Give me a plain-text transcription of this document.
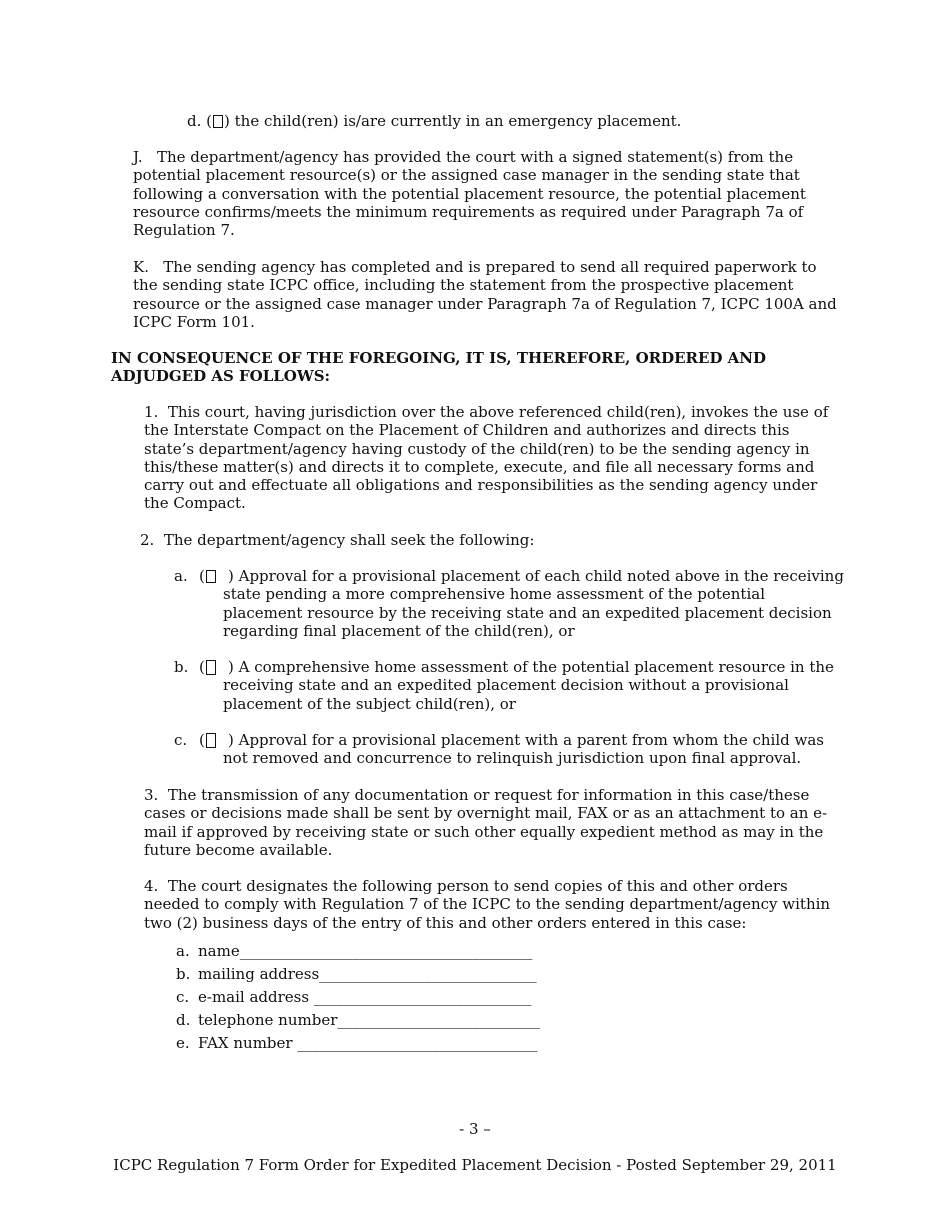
d. ( ) the child(ren) is/are currently in an emergency placement.
J. The department/agency has provided the court with a signed statement(s) from the potential placement resource(s) or the assigned case manager in the sending state that following a conversation with the potential placement resource, the potential placement resource confirms/meets the minimum requirements as required under Paragraph 7a of Regulation 7.
K. The sending agency has completed and is prepared to send all required paperwork to the sending state ICPC office, including the statement from the prospective placement resource or the assigned case manager under Paragraph 7a of Regulation 7, ICPC 100A and ICPC Form 101.
IN CONSEQUENCE OF THE FOREGOING, IT IS, THEREFORE, ORDERED AND ADJUDGED AS FOLLOWS:
1. This court, having jurisdiction over the above referenced child(ren), invokes the use of the Interstate Compact on the Placement of Children and authorizes and directs this state’s department/agency having custody of the child(ren) to be the sending agency in this/these matter(s) and directs it to complete, execute, and file all necessary forms and carry out and effectuate all obligations and responsibilities as the sending agency under the Compact.
2. The department/agency shall seek the following:
a. (	) Approval for a provisional placement of each child noted above in the receiving state pending a more comprehensive home assessment of the potential placement resource by the receiving state and an expedited placement decision regarding final placement of the child(ren), or
b. (	) A comprehensive home assessment of the potential placement resource in the receiving state and an expedited placement decision without a provisional placement of the subject child(ren), or
c. (	) Approval for a provisional placement with a parent from whom the child was not removed and concurrence to relinquish jurisdiction upon final approval.
3. The transmission of any documentation or request for information in this case/these cases or decisions made shall be sent by overnight mail, FAX or as an attachment to an e-mail if approved by receiving state or such other equally expedient method as may in the future become available.
4. The court designates the following person to send copies of this and other orders needed to comply with Regulation 7 of the ICPC to the sending department/agency within two (2) business days of the entry of this and other orders entered in this case:
a. name_______________________________________
b. mailing address_____________________________
c. e-mail address _____________________________
d. telephone number___________________________
e. FAX number ________________________________
- 3 –
ICPC Regulation 7 Form Order for Expedited Placement Decision - Posted September 29, 2011
